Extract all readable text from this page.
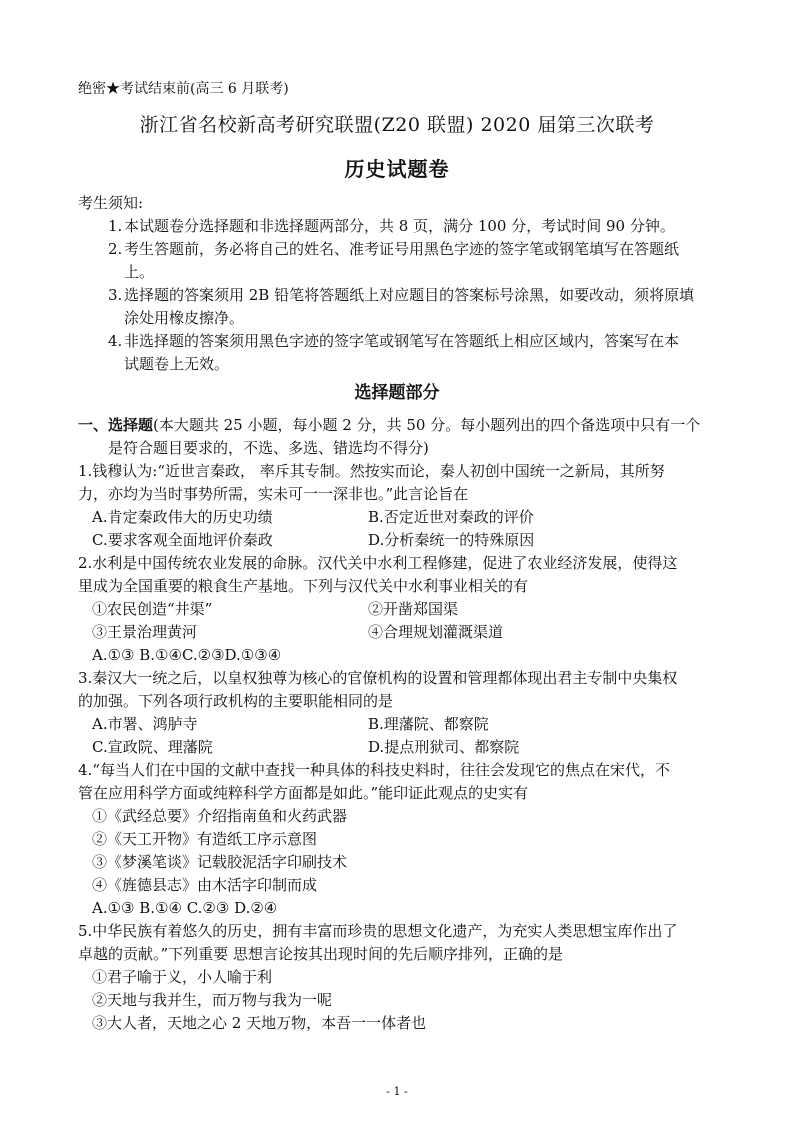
绝密★考试结束前(高三 6 月联考)
浙江省名校新高考研究联盟(Z20 联盟) 2020 届第三次联考
历史试题卷
考生须知:
1. 本试题卷分选择题和非选择题两部分，共 8 页，满分 100 分，考试时间 90 分钟。
2. 考生答题前，务必将自己的姓名、准考证号用黑色字迹的签字笔或钢笔填写在答题纸
上。
3. 选择题的答案须用 2B 铅笔将答题纸上对应题目的答案标号涂黑，如要改动，须将原填
涂处用橡皮擦净。
4. 非选择题的答案须用黑色字迹的签字笔或钢笔写在答题纸上相应区域内，答案写在本
试题卷上无效。
选择题部分
一、选择题(本大题共 25 小题，每小题 2 分，共 50 分。每小题列出的四个备选项中只有一个
是符合题目要求的，不选、多选、错选均不得分)
1.钱穆认为:“近世言秦政， 率斥其专制。然按实而论，秦人初创中国统一之新局，其所努
力，亦均为当时事势所需，实未可一一深非也。”此言论旨在
A.肯定秦政伟大的历史功绩	B.否定近世对秦政的评价
C.要求客观全面地评价秦政	D.分析秦统一的特殊原因
2.水利是中国传统农业发展的命脉。汉代关中水利工程修建，促进了农业经济发展，使得这
里成为全国重要的粮食生产基地。下列与汉代关中水利事业相关的有
①农民创造“井渠”	②开凿郑国渠
③王景治理黄河	④合理规划灌溉渠道
A.①③ B.①④C.②③D.①③④
3.秦汉大一统之后，以皇权独尊为核心的官僚机构的设置和管理都体现出君主专制中央集权
的加强。下列各项行政机构的主要职能相同的是
A.市署、鸿胪寺	B.理藩院、都察院
C.宣政院、理藩院	D.提点刑狱司、都察院
4.“每当人们在中国的文献中查找一种具体的科技史料时，往往会发现它的焦点在宋代，不
管在应用科学方面或纯粹科学方面都是如此。”能印证此观点的史实有
①《武经总要》介绍指南鱼和火药武器
②《天工开物》有造纸工序示意图
③《梦溪笔谈》记载胶泥活字印刷技术
④《旌德县志》由木活字印制而成
A.①③ B.①④ C.②③ D.②④
5.中华民族有着悠久的历史，拥有丰富而珍贵的思想文化遗产，为充实人类思想宝库作出了
卓越的贡献。”下列重要 思想言论按其出现时间的先后顺序排列，正确的是
①君子喻于义，小人喻于利
②天地与我并生，而万物与我为一呢
③大人者，天地之心 2 天地万物，本吾一一体者也
- 1 -
